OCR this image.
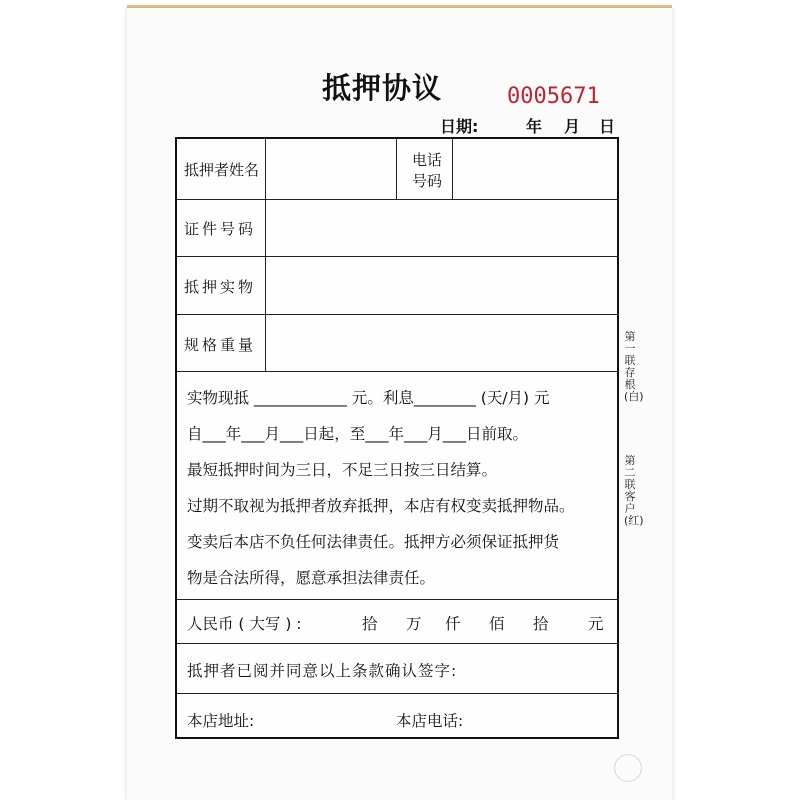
抵押协议	0005671
日期:	年 月 日
抵押者姓名
电话
号码
证件号码
抵押实物
规格重量
实物现抵 ____________ 元。利息________ (天/月) 元
自___年___月___日起，至___年___月___日前取。
最短抵押时间为三日，不足三日按三日结算。
过期不取视为抵押者放弃抵押，本店有权变卖抵押物品。
变卖后本店不负任何法律责任。抵押方必须保证抵押货
物是合法所得，愿意承担法律责任。
人民币 ( 大写 ) :	拾 万 仟 佰 拾	元
抵押者已阅并同意以上条款确认签字:
本店地址:	本店电话:
第一联存根(白)
第二联客户(红)
